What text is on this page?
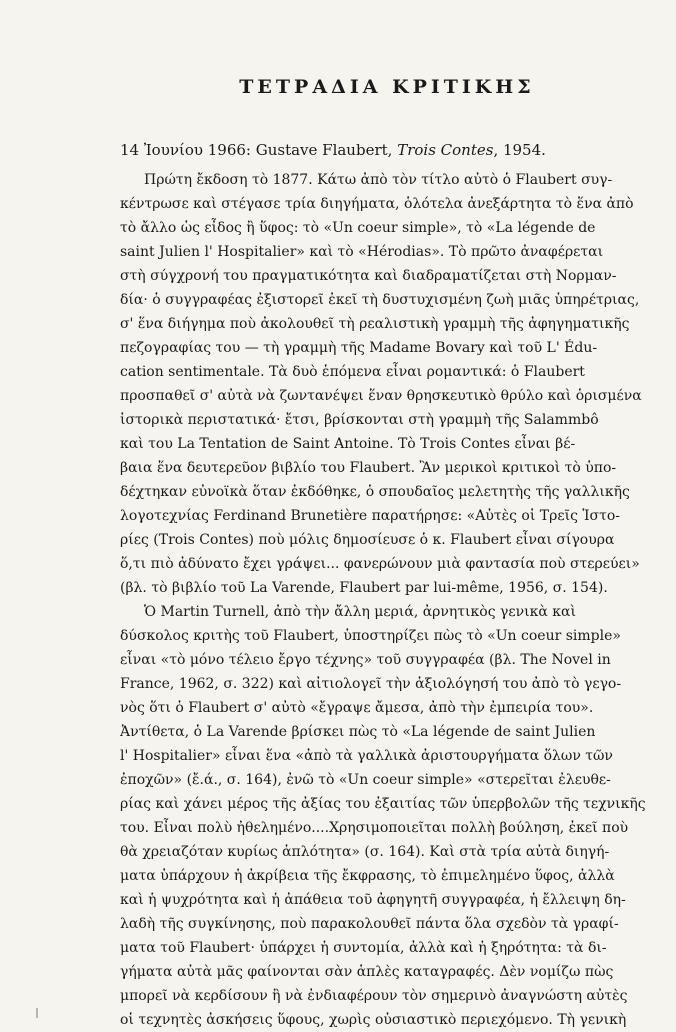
ΤΕΤΡΑΔΙΑ ΚΡΙΤΙΚΗΣ
14 Ἰουνίου 1966: Gustave Flaubert, Trois Contes, 1954.
Πρώτη ἔκδοση τὸ 1877. Κάτω ἀπὸ τὸν τίτλο αὐτὸ ὁ Flaubert συγ-
κέντρωσε καὶ στέγασε τρία διηγήματα, ὁλότελα ἀνεξάρτητα τὸ ἕνα ἀπὸ
τὸ ἄλλο ὡς εἶδος ἢ ὕφος: τὸ «Un coeur simple», τὸ «La légende de
saint Julien l' Hospitalier» καὶ τὸ «Hérodias». Τὸ πρῶτο ἀναφέρεται
στὴ σύγχρονή του πραγματικότητα καὶ διαδραματίζεται στὴ Νορμαν-
δία· ὁ συγγραφέας ἐξιστορεῖ ἐκεῖ τὴ δυστυχισμένη ζωὴ μιᾶς ὑπηρέτριας,
σ' ἕνα διήγημα ποὺ ἀκολουθεῖ τὴ ρεαλιστικὴ γραμμὴ τῆς ἀφηγηματικῆς
πεζογραφίας του — τὴ γραμμὴ τῆς Madame Bovary καὶ τοῦ L' Édu-
cation sentimentale. Τὰ δυὸ ἑπόμενα εἶναι ρομαντικά: ὁ Flaubert
προσπαθεῖ σ' αὐτὰ νὰ ζωντανέψει ἕναν θρησκευτικὸ θρύλο καὶ ὁρισμένα
ἱστορικὰ περιστατικά· ἔτσι, βρίσκονται στὴ γραμμὴ τῆς Salammbô
καὶ του La Tentation de Saint Antoine. Τὸ Trois Contes εἶναι βέ-
βαια ἕνα δευτερεῦον βιβλίο του Flaubert. Ἂν μερικοὶ κριτικοὶ τὸ ὑπο-
δέχτηκαν εὐνοϊκὰ ὅταν ἐκδόθηκε, ὁ σπουδαῖος μελετητὴς τῆς γαλλικῆς
λογοτεχνίας Ferdinand Brunetière παρατήρησε: «Αὐτὲς οἱ Τρεῖς Ἱστο-
ρίες (Trois Contes) ποὺ μόλις δημοσίευσε ὁ κ. Flaubert εἶναι σίγουρα
ὅ,τι πιὸ ἀδύνατο ἔχει γράψει... φανερώνουν μιὰ φαντασία ποὺ στερεύει»
(βλ. τὸ βιβλίο τοῦ La Varende, Flaubert par lui-même, 1956, σ. 154).
Ὁ Martin Turnell, ἀπὸ τὴν ἄλλη μεριά, ἀρνητικὸς γενικὰ καὶ
δύσκολος κριτὴς τοῦ Flaubert, ὑποστηρίζει πὼς τὸ «Un coeur simple»
εἶναι «τὸ μόνο τέλειο ἔργο τέχνης» τοῦ συγγραφέα (βλ. The Novel in
France, 1962, σ. 322) καὶ αἰτιολογεῖ τὴν ἀξιολόγησή του ἀπὸ τὸ γεγο-
νὸς ὅτι ὁ Flaubert σ' αὐτὸ «ἔγραψε ἄμεσα, ἀπὸ τὴν ἐμπειρία του».
Ἀντίθετα, ὁ La Varende βρίσκει πὼς τὸ «La légende de saint Julien
l' Hospitalier» εἶναι ἕνα «ἀπὸ τὰ γαλλικὰ ἀριστουργήματα ὅλων τῶν
ἐποχῶν» (ἔ.ά., σ. 164), ἐνῶ τὸ «Un coeur simple» «στερεῖται ἐλευθε-
ρίας καὶ χάνει μέρος τῆς ἀξίας του ἐξαιτίας τῶν ὑπερβολῶν τῆς τεχνικῆς
του. Εἶναι πολὺ ἠθελημένο....Χρησιμοποιεῖται πολλὴ βούληση, ἐκεῖ ποὺ
θὰ χρειαζόταν κυρίως ἁπλότητα» (σ. 164). Καὶ στὰ τρία αὐτὰ διηγή-
ματα ὑπάρχουν ἡ ἀκρίβεια τῆς ἔκφρασης, τὸ ἐπιμελημένο ὕφος, ἀλλὰ
καὶ ἡ ψυχρότητα καὶ ἡ ἀπάθεια τοῦ ἀφηγητῆ συγγραφέα, ἡ ἔλλειψη δη-
λαδὴ τῆς συγκίνησης, ποὺ παρακολουθεῖ πάντα ὅλα σχεδὸν τὰ γραφί-
ματα τοῦ Flaubert· ὑπάρχει ἡ συντομία, ἀλλὰ καὶ ἡ ξηρότητα: τὰ δι-
γήματα αὐτὰ μᾶς φαίνονται σὰν ἁπλὲς καταγραφές. Δὲν νομίζω πὼς
μπορεῖ νὰ κερδίσουν ἢ νὰ ἐνδιαφέρουν τὸν σημερινὸ ἀναγνώστη αὐτὲς
οἱ τεχνητὲς ἀσκήσεις ὕφους, χωρὶς οὐσιαστικὸ περιεχόμενο. Τὴ γενικὴ
